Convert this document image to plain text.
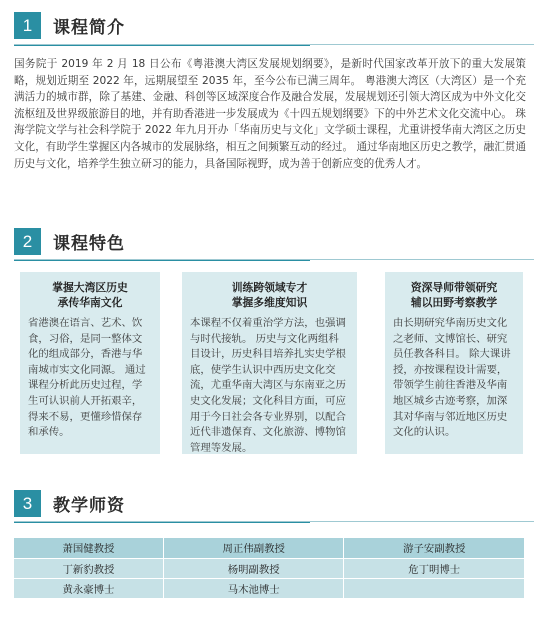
1	课程简介

国务院于 2019 年 2 月 18 日公布《粤港澳大湾区发展规划纲要》，是新时代国家改革开放下的重大发展策略，规划近期至 2022 年，远期展望至 2035 年，至今公布已满三周年。 粤港澳大湾区（大湾区）是一个充满活力的城市群，除了基建、金融、科创等区域深度合作及融合发展，发展规划还引领大湾区成为中外文化交流枢纽及世界级旅游目的地，并有助香港进一步发展成为《十四五规划纲要》下的中外艺术文化交流中心。 珠海学院文学与社会科学院于 2022 年九月开办「华南历史与文化」文学硕士课程，尤重讲授华南大湾区之历史文化，有助学生掌握区内各城市的发展脉络，相互之间频繁互动的经过。 通过华南地区历史之教学，融汇贯通历史与文化，培养学生独立研习的能力，具备国际视野，成为善于创新应变的优秀人才。

2	课程特色
掌握大湾区历史
承传华南文化
省港澳在语言、艺术、饮食，习俗，是同一整体文化的组成部分，香港与华南城市实文化同源。 通过课程分析此历史过程，学生可认识前人开拓艰辛，得来不易，更懂珍惜保存和承传。
训练跨领域专才
掌握多维度知识
本课程不仅着重治学方法，也强调与时代接轨。 历史与文化两组科目设计，历史科目培养扎实史学根底，使学生认识中西历史文化交流，尤重华南大湾区与东南亚之历史文化发展；文化科目方面，可应用于今日社会各专业界别，以配合近代非遗保育、文化旅游、博物馆管理等发展。
资深导师带领研究
辅以田野考察教学
由长期研究华南历史文化之老师、文博馆长、研究员任教各科目。 除大课讲授，亦按课程设计需要，带领学生前往香港及华南地区城乡古迹考察，加深其对华南与邻近地区历史文化的认识。
3	教学师资
萧国健教授	周正伟副教授	游子安副教授
丁新豹教授	杨明副教授	危丁明博士
黄永豪博士	马木池博士	
